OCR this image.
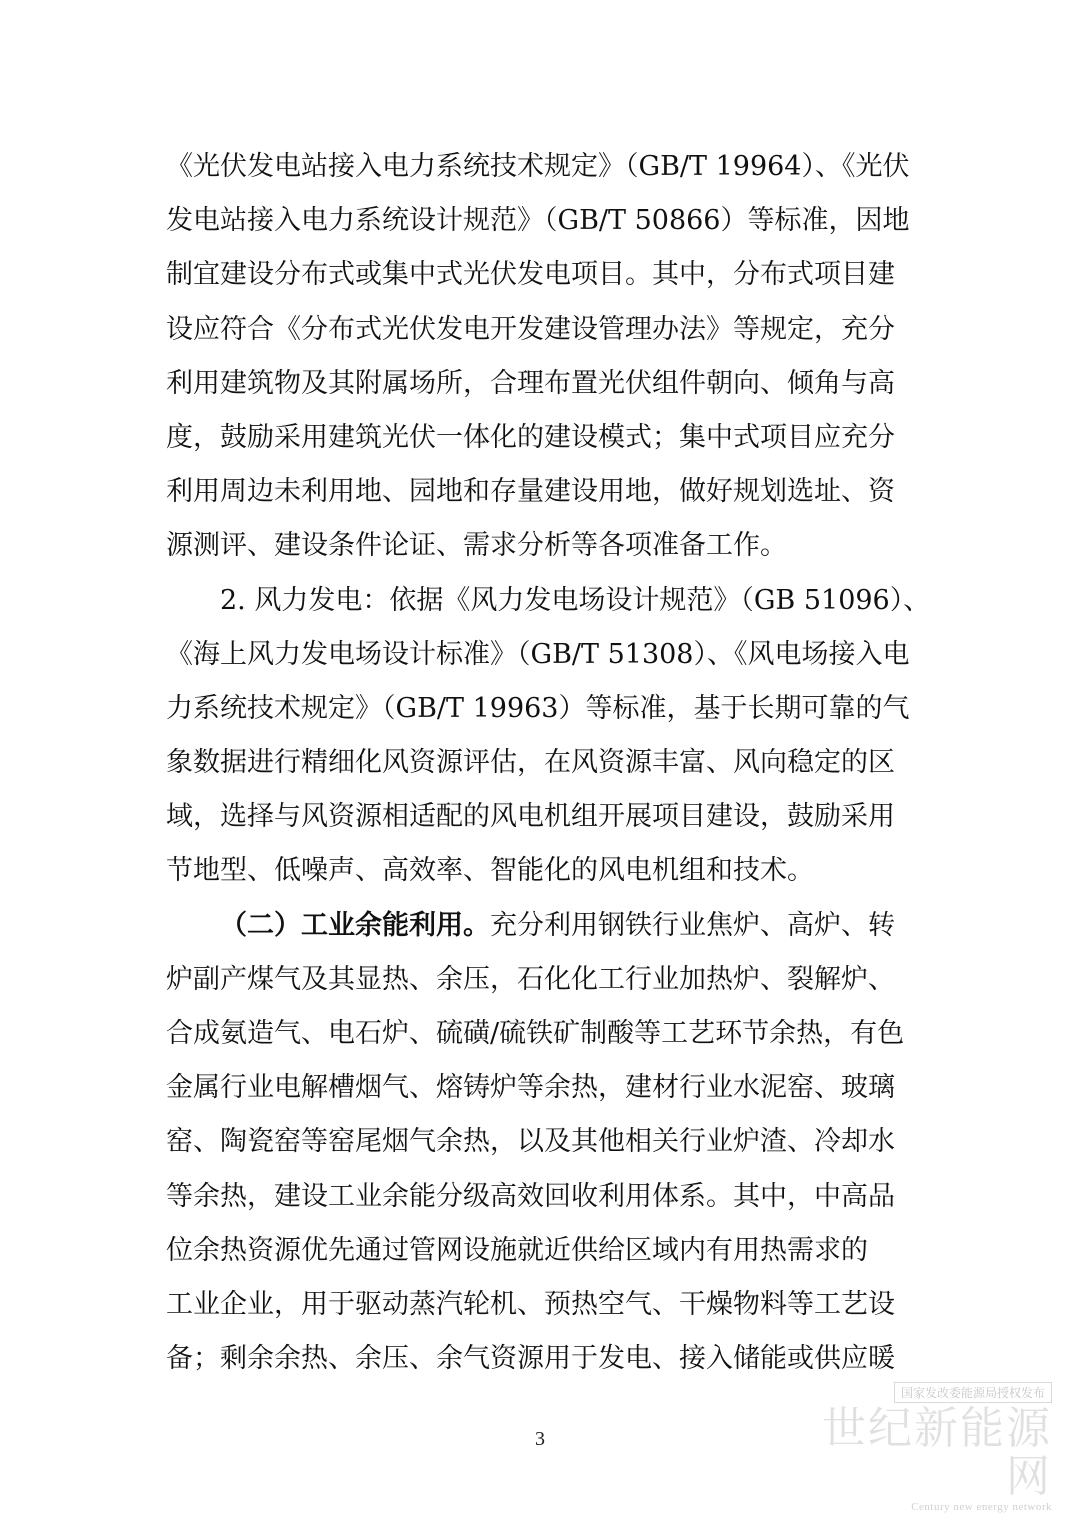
《光伏发电站接入电力系统技术规定》（GB/T 19964）、《光伏
发电站接入电力系统设计规范》（GB/T 50866）等标准，因地
制宜建设分布式或集中式光伏发电项目。其中，分布式项目建
设应符合《分布式光伏发电开发建设管理办法》等规定，充分
利用建筑物及其附属场所，合理布置光伏组件朝向、倾角与高
度，鼓励采用建筑光伏一体化的建设模式；集中式项目应充分
利用周边未利用地、园地和存量建设用地，做好规划选址、资
源测评、建设条件论证、需求分析等各项准备工作。
2. 风力发电：依据《风力发电场设计规范》（GB 51096）、
《海上风力发电场设计标准》（GB/T 51308）、《风电场接入电
力系统技术规定》（GB/T 19963）等标准，基于长期可靠的气
象数据进行精细化风资源评估，在风资源丰富、风向稳定的区
域，选择与风资源相适配的风电机组开展项目建设，鼓励采用
节地型、低噪声、高效率、智能化的风电机组和技术。
（二）工业余能利用。充分利用钢铁行业焦炉、高炉、转
炉副产煤气及其显热、余压，石化化工行业加热炉、裂解炉、
合成氨造气、电石炉、硫磺/硫铁矿制酸等工艺环节余热，有色
金属行业电解槽烟气、熔铸炉等余热，建材行业水泥窑、玻璃
窑、陶瓷窑等窑尾烟气余热，以及其他相关行业炉渣、冷却水
等余热，建设工业余能分级高效回收利用体系。其中，中高品
位余热资源优先通过管网设施就近供给区域内有用热需求的
工业企业，用于驱动蒸汽轮机、预热空气、干燥物料等工艺设
备；剩余余热、余压、余气资源用于发电、接入储能或供应暖
3
国家发改委能源局授权发布
世纪新能源网
Century new energy network
